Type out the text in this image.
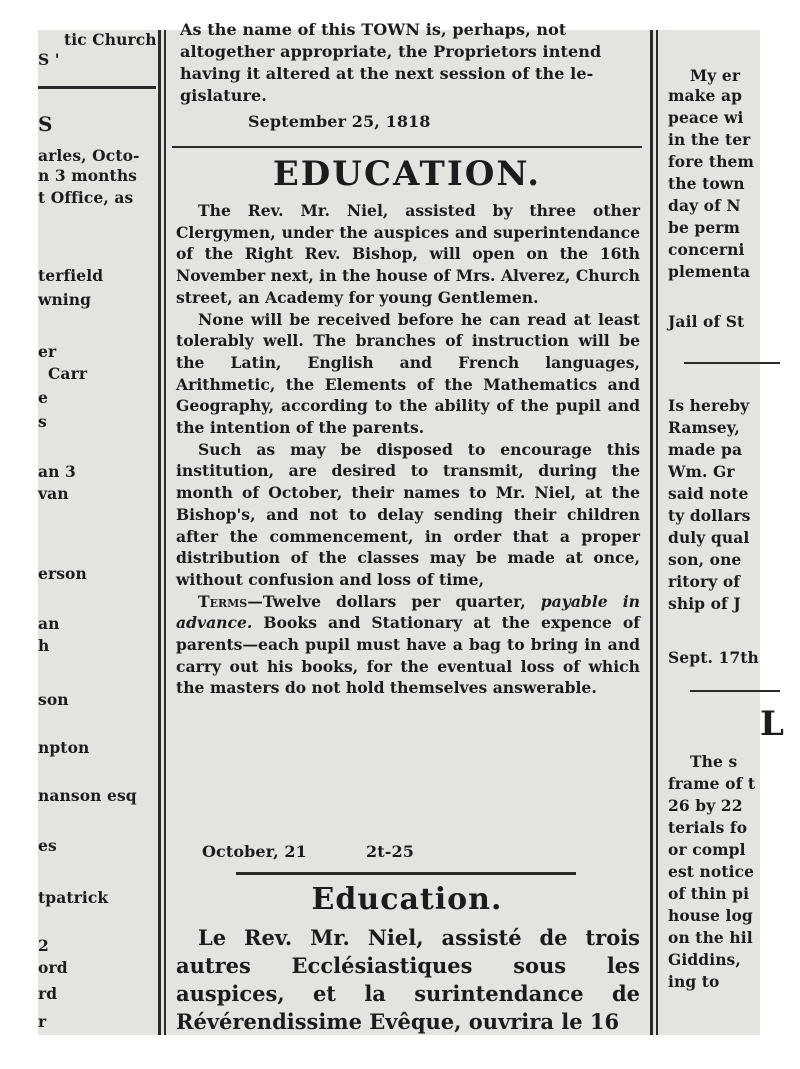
tic Church
S '
S
arles, Octo-
n 3 months
t Office, as
terfield
wning
er
Carr
e
s
an 3
van
erson
an
h
son
npton
nanson esq
es
tpatrick
2
ord
rd
r
As the name of this TOWN is, perhaps, not
altogether appropriate, the Proprietors intend
having it altered at the next session of the le-
gislature.
September 25, 1818
EDUCATION.

The Rev. Mr. Niel, assisted by three other Clergymen, under the auspices and superintendance of the Right Rev. Bishop, will open on the 16th November next, in the house of Mrs. Alverez, Church street, an Academy for young Gentlemen.

None will be received before he can read at least tolerably well. The branches of instruction will be the Latin, English and French languages, Arithmetic, the Elements of the Mathematics and Geography, according to the ability of the pupil and the intention of the parents.

Such as may be disposed to encourage this institution, are desired to transmit, during the month of October, their names to Mr. Niel, at the Bishop's, and not to delay sending their children after the commencement, in order that a proper distribution of the classes may be made at once, without confusion and loss of time,

Terms—Twelve dollars per quarter, payable in advance. Books and Stationary at the expence of parents—each pupil must have a bag to bring in and carry out his books, for the eventual loss of which the masters do not hold themselves answerable.

October, 21	2t-25
Education.

Le Rev. Mr. Niel, assisté de trois autres Ecclésiastiques sous les auspices, et la surintendance de Révérendissime Evêque, ouvrira le 16

My er
make ap
peace wi
in the ter
fore them
the town
day of N
be perm
concerni
plementa
Jail of St
Is hereby
Ramsey,
made pa
Wm. Gr
said note
ty dollars
duly qual
son, one
ritory of
ship of J
Sept. 17th
L
The s
frame of t
26 by 22
terials fo
or compl
est notice
of thin pi
house log
on the hil
Giddins,
ing to
